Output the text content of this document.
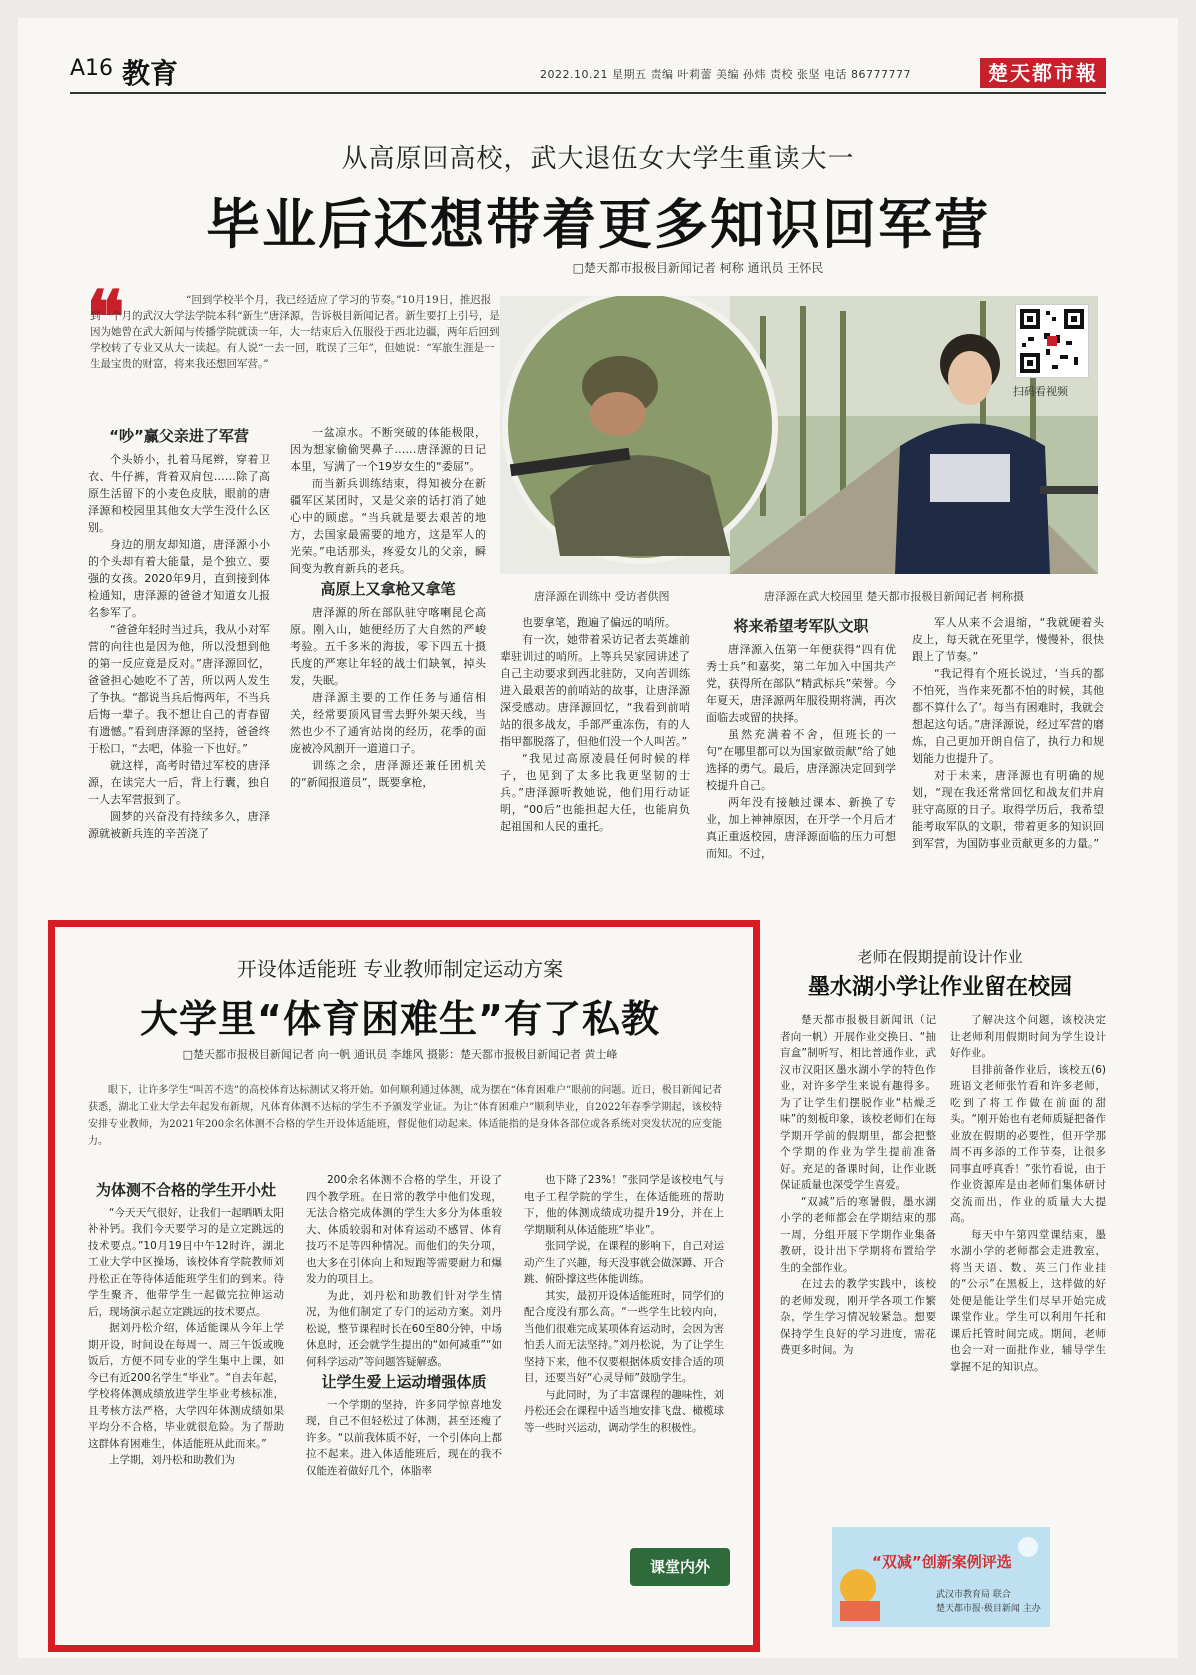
A16 教育	2022.10.21 星期五 责编 叶莉蕾 美编 孙炜 责校 张坚 电话 86777777	楚天都市報
从高原回高校，武大退伍女大学生重读大一
毕业后还想带着更多知识回军营
□楚天都市报极目新闻记者 柯称 通讯员 王怀民
❝	“回到学校半个月，我已经适应了学习的节奏。”10月19日，推迟报到一个月的武汉大学法学院本科“新生”唐泽源，告诉极目新闻记者。新生要打上引号，是因为她曾在武大新闻与传播学院就读一年，大一结束后入伍服役于西北边疆，两年后回到学校转了专业又从大一读起。有人说“一去一回，耽误了三年”，但她说：“军旅生涯是一生最宝贵的财富，将来我还想回军营。”
扫码看视频
唐泽源在训练中 受访者供图	唐泽源在武大校园里 楚天都市报极目新闻记者 柯称摄
“吵”赢父亲进了军营

个头娇小，扎着马尾辫，穿着卫衣、牛仔裤，背着双肩包……除了高原生活留下的小麦色皮肤，眼前的唐泽源和校园里其他女大学生没什么区别。

身边的朋友却知道，唐泽源小小的个头却有着大能量，是个独立、要强的女孩。2020年9月，直到接到体检通知，唐泽源的爸爸才知道女儿报名参军了。

“爸爸年轻时当过兵，我从小对军营的向往也是因为他，所以没想到他的第一反应竟是反对。”唐泽源回忆，爸爸担心她吃不了苦，所以两人发生了争执。“都说当兵后悔两年，不当兵后悔一辈子。我不想让自己的青春留有遗憾。”看到唐泽源的坚持，爸爸终于松口，“去吧，体验一下也好。”

就这样，高考时错过军校的唐泽源，在读完大一后，背上行囊，独自一人去军营报到了。

圆梦的兴奋没有持续多久，唐泽源就被新兵连的辛苦浇了

一盆凉水。不断突破的体能极限，因为想家偷偷哭鼻子……唐泽源的日记本里，写满了一个19岁女生的“委屈”。

而当新兵训练结束，得知被分在新疆军区某团时，又是父亲的话打消了她心中的顾虑。“当兵就是要去艰苦的地方，去国家最需要的地方，这是军人的光荣。”电话那头，疼爱女儿的父亲，瞬间变为教育新兵的老兵。

高原上又拿枪又拿笔

唐泽源的所在部队驻守喀喇昆仑高原。刚入山，她便经历了大自然的严峻考验。五千多米的海拔，零下四五十摄氏度的严寒让年轻的战士们缺氧，掉头发，失眠。

唐泽源主要的工作任务与通信相关，经常要顶风冒雪去野外架天线，当然也少不了通宵站岗的经历，花季的面庞被冷风割开一道道口子。

训练之余，唐泽源还兼任团机关的“新闻报道员”，既要拿枪，

也要拿笔，跑遍了偏远的哨所。

有一次，她带着采访记者去英雄前辈驻训过的哨所。上等兵吴家园讲述了自己主动要求到西北驻防，又向苦训练进入最艰苦的前哨站的故事，让唐泽源深受感动。唐泽源回忆，“我看到前哨站的很多战友，手部严重冻伤，有的人指甲都脱落了，但他们没一个人叫苦。”

“我见过高原凌晨任何时候的样子，也见到了太多比我更坚韧的士兵。”唐泽源听教她说，他们用行动证明，“00后”也能担起大任，也能肩负起祖国和人民的重托。

将来希望考军队文职

唐泽源入伍第一年便获得“四有优秀士兵”和嘉奖，第二年加入中国共产党，获得所在部队“精武标兵”荣誉。今年夏天，唐泽源两年服役期将满，再次面临去或留的抉择。

虽然充满着不舍，但班长的一句“在哪里都可以为国家做贡献”给了她选择的勇气。最后，唐泽源决定回到学校提升自己。

两年没有接触过课本、新换了专业，加上神神原因，在开学一个月后才真正重返校园，唐泽源面临的压力可想而知。不过，

军人从来不会退缩，“我就硬着头皮上，每天就在死里学，慢慢补，很快跟上了节奏。”

“我记得有个班长说过，‘当兵的都不怕死，当作来死都不怕的时候，其他都不算什么了’。每当有困难时，我就会想起这句话。”唐泽源说，经过军营的磨炼，自己更加开朗自信了，执行力和规划能力也提升了。

对于未来，唐泽源也有明确的规划，“现在我还常常回忆和战友们并肩驻守高原的日子。取得学历后，我希望能考取军队的文职，带着更多的知识回到军营，为国防事业贡献更多的力量。”

开设体适能班 专业教师制定运动方案
大学里“体育困难生”有了私教
□楚天都市报极目新闻记者 向一帆 通讯员 李雄风 摄影：楚天都市报极目新闻记者 黄士峰
眼下，让许多学生“叫苦不迭”的高校体育达标测试又将开始。如何顺利通过体测，成为摆在“体育困难户”眼前的问题。近日，极目新闻记者获悉，湖北工业大学去年起发布新规，凡体育体测不达标的学生不予颁发学业证。为让“体育困难户”顺利毕业，自2022年春季学期起，该校特安排专业教师，为2021年200余名体测不合格的学生开设体适能班，督促他们动起来。体适能指的是身体各部位或各系统对突发状况的应变能力。
为体测不合格的学生开小灶

“今天天气很好，让我们一起晒晒太阳补补钙。我们今天要学习的是立定跳远的技术要点。”10月19日中午12时许，湖北工业大学中区操场，该校体育学院教师刘丹松正在等待体适能班学生们的到来。待学生聚齐，他带学生一起做完拉伸运动后，现场演示起立定跳远的技术要点。

据刘丹松介绍，体适能课从今年上学期开设，时间设在每周一、周三午饭或晚饭后，方便不同专业的学生集中上课，如今已有近200名学生“毕业”。“自去年起，学校将体测成绩放进学生毕业考核标准，且考核方法严格，大学四年体测成绩如果平均分不合格，毕业就很危险。为了帮助这群体育困难生，体适能班从此而来。”

上学期，刘丹松和助教们为

200余名体测不合格的学生，开设了四个教学班。在日常的教学中他们发现，无法合格完成体测的学生大多分为体重较大、体质较弱和对体育运动不感冒、体育技巧不足等四种情况。而他们的失分项，也大多在引体向上和短跑等需要耐力和爆发力的项目上。

为此，刘丹松和助教们针对学生情况，为他们制定了专门的运动方案。刘丹松说，整节课程时长在60至80分钟，中场休息时，还会就学生提出的“如何减重”“如何科学运动”等问题答疑解惑。

让学生爱上运动增强体质

一个学期的坚持，许多同学惊喜地发现，自己不但轻松过了体测，甚至还瘦了许多。“以前我体质不好，一个引体向上都拉不起来。进入体适能班后，现在的我不仅能连着做好几个，体脂率

也下降了23%！”张同学是该校电气与电子工程学院的学生，在体适能班的帮助下，他的体测成绩成功提升19分，并在上学期顺利从体适能班“毕业”。

张同学说，在课程的影响下，自己对运动产生了兴趣，每天没事就会做深蹲、开合跳、俯卧撑这些体能训练。

其实，最初开设体适能班时，同学们的配合度没有那么高。“一些学生比较内向，当他们很难完成某项体育运动时，会因为害怕丢人而无法坚持。”刘丹松说，为了让学生坚持下来，他不仅要根据体质安排合适的项目，还要当好“心灵导师”鼓励学生。

与此同时，为了丰富课程的趣味性，刘丹松还会在课程中适当地安排飞盘、橄榄球等一些时兴运动，调动学生的积极性。

课堂内外
老师在假期提前设计作业
墨水湖小学让作业留在校园

楚天都市报极目新闻讯（记者向一帆）开展作业交换日、“抽盲盒”制听写，相比普通作业，武汉市汉阳区墨水湖小学的特色作业，对许多学生来说有趣得多。为了让学生们摆脱作业“枯燥乏味”的刻板印象，该校老师们在每学期开学前的假期里，都会把整个学期的作业为学生提前准备好。充足的备课时间，让作业既保证质量也深受学生喜爱。

“双减”后的寒暑假，墨水湖小学的老师都会在学期结束的那一周，分组开展下学期作业集备教研，设计出下学期将布置给学生的全部作业。

在过去的教学实践中，该校的老师发现，刚开学各项工作繁杂，学生学习情况较紧急。想要保持学生良好的学习进度，需花费更多时间。为

了解决这个问题，该校决定让老师利用假期时间为学生设计好作业。

目排前备作业后，该校五(6)班语文老师张竹看和许多老师，吃到了将工作做在前面的甜头。“刚开始也有老师质疑把备作业放在假期的必要性，但开学那周不再多添的工作节奏，让很多同事直呼真香！”张竹看说，由于作业资源库是由老师们集体研讨交流而出，作业的质量大大提高。

每天中午第四堂课结束，墨水湖小学的老师都会走进教室，将当天语、数、英三门作业挂的“公示”在黑板上，这样做的好处便是能让学生们尽早开始完成课堂作业。学生可以利用午托和课后托管时间完成。期间，老师也会一对一面批作业，辅导学生掌握不足的知识点。

“双减”创新案例评选
武汉市教育局 联合
楚天都市报·极目新闻 主办
